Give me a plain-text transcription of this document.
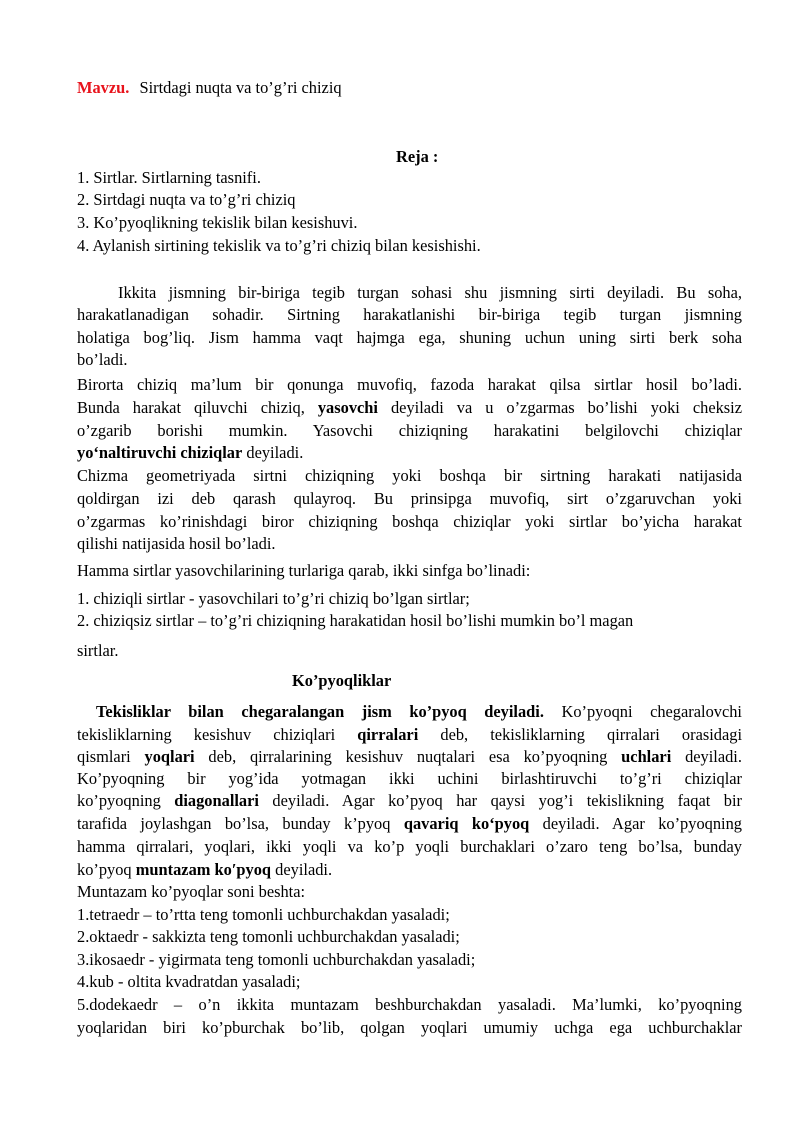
Mavzu. Sirtdagi nuqta va to’g’ri chiziq
Reja :
1. Sirtlar. Sirtlarning tasnifi.
2. Sirtdagi nuqta va to’g’ri chiziq
3. Ko’pyoqlikning tekislik bilan kesishuvi.
4. Aylanish sirtining tekislik va to’g’ri chiziq bilan kesishishi.
Ikkita jismning bir-biriga tegib turgan sohasi shu jismning sirti deyiladi. Bu soha,
harakatlanadigan sohadir. Sirtning harakatlanishi bir-biriga tegib turgan jismning
holatiga bog’liq. Jism hamma vaqt hajmga ega, shuning uchun uning sirti berk soha
bo’ladi.
Birorta chiziq ma’lum bir qonunga muvofiq, fazoda harakat qilsa sirtlar hosil bo’ladi.
Bunda harakat qiluvchi chiziq, yasovchi deyiladi va u o’zgarmas bo’lishi yoki cheksiz
o’zgarib borishi mumkin. Yasovchi chiziqning harakatini belgilovchi chiziqlar
yoʻnaltiruvchi chiziqlar deyiladi.
Chizma geometriyada sirtni chiziqning yoki boshqa bir sirtning harakati natijasida
qoldirgan izi deb qarash qulayroq. Bu prinsipga muvofiq, sirt o’zgaruvchan yoki
o’zgarmas ko’rinishdagi biror chiziqning boshqa chiziqlar yoki sirtlar bo’yicha harakat
qilishi natijasida hosil bo’ladi.
Hamma sirtlar yasovchilarining turlariga qarab, ikki sinfga bo’linadi:
1. chiziqli sirtlar - yasovchilari to’g’ri chiziq bo’lgan sirtlar;
2. chiziqsiz sirtlar – to’g’ri chiziqning harakatidan hosil bo’lishi mumkin bo’l magan
sirtlar.
Ko’pyoqliklar
Tekisliklar bilan chegaralangan jism ko’pyoq deyiladi. Ko’pyoqni chegaralovchi
tekisliklarning kesishuv chiziqlari qirralari deb, tekisliklarning qirralari orasidagi
qismlari yoqlari deb, qirralarining kesishuv nuqtalari esa ko’pyoqning uchlari deyiladi.
Ko’pyoqning bir yog’ida yotmagan ikki uchini birlashtiruvchi to’g’ri chiziqlar
ko’pyoqning diagonallari deyiladi. Agar ko’pyoq har qaysi yog’i tekislikning faqat bir
tarafida joylashgan bo’lsa, bunday k’pyoq qavariq koʻpyoq deyiladi. Agar ko’pyoqning
hamma qirralari, yoqlari, ikki yoqli va ko’p yoqli burchaklari o’zaro teng bo’lsa, bunday
ko’pyoq muntazam koʹpyoq deyiladi.
Muntazam ko’pyoqlar soni beshta:
1.tetraedr – to’rtta teng tomonli uchburchakdan yasaladi;
2.oktaedr - sakkizta teng tomonli uchburchakdan yasaladi;
3.ikosaedr - yigirmata teng tomonli uchburchakdan yasaladi;
4.kub - oltita kvadratdan yasaladi;
5.dodekaedr – o’n ikkita muntazam beshburchakdan yasaladi. Ma’lumki, ko’pyoqning
yoqlaridan biri ko’pburchak bo’lib, qolgan yoqlari umumiy uchga ega uchburchaklar
